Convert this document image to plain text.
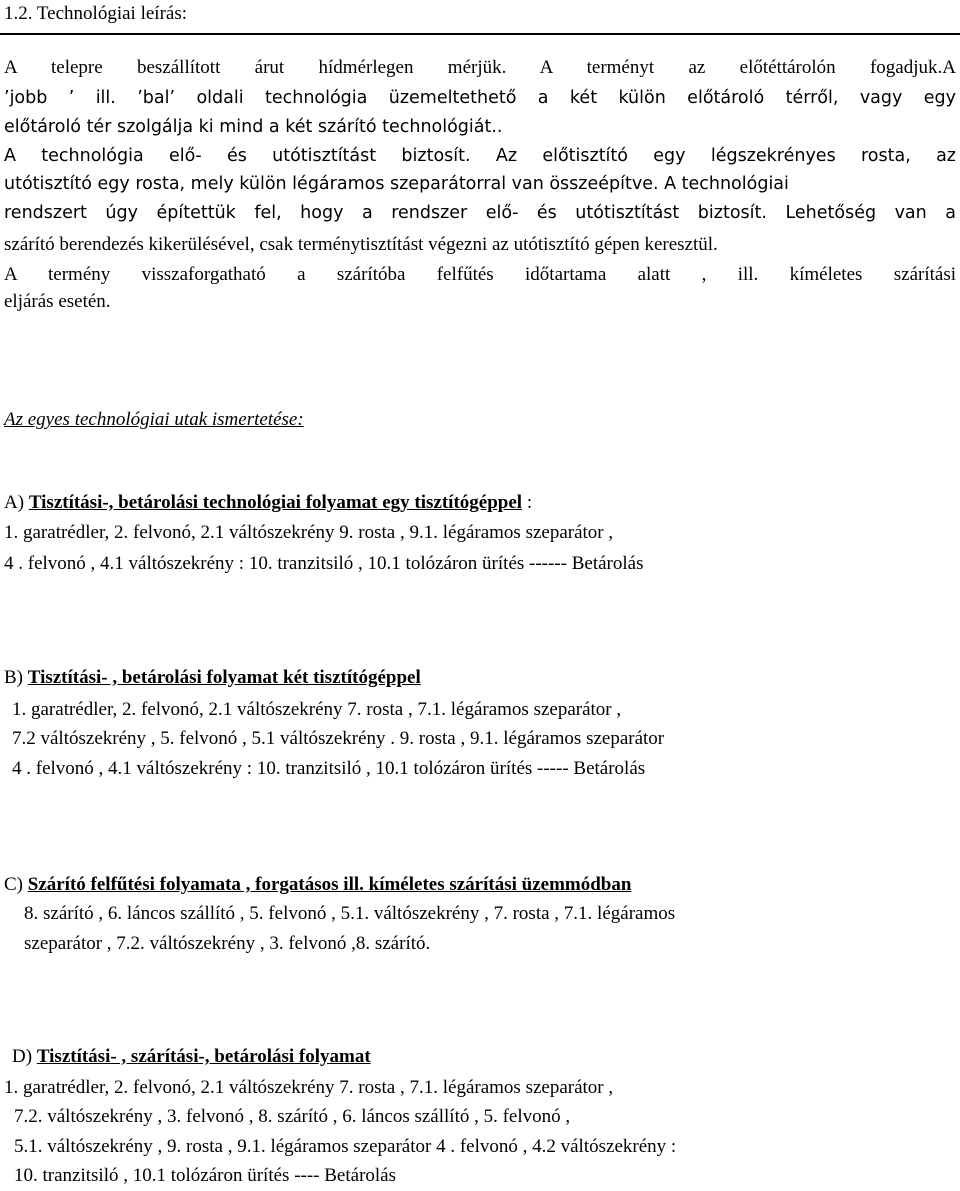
1.2. Technológiai leírás:
A telepre beszállított árut hídmérlegen mérjük. A terményt az előtéttárolón fogadjuk.A
’jobb ’ ill. ’bal’ oldali technológia üzemeltethető a két külön előtároló térről, vagy egy
előtároló tér szolgálja ki mind a két szárító technológiát..
A technológia elő- és utótisztítást biztosít. Az előtisztító egy légszekrényes rosta, az
utótisztító egy rosta, mely külön légáramos szeparátorral van összeépítve. A technológiai
rendszert úgy építettük fel, hogy a rendszer elő- és utótisztítást biztosít. Lehetőség van a
szárító berendezés kikerülésével, csak terménytisztítást végezni az utótisztító gépen keresztül.
A termény visszaforgatható a szárítóba felfűtés időtartama alatt , ill. kíméletes szárítási
eljárás esetén.
Az egyes technológiai utak ismertetése:
A) Tisztítási-, betárolási technológiai folyamat egy tisztítógéppel :
1. garatrédler, 2. felvonó, 2.1 váltószekrény 9. rosta , 9.1. légáramos szeparátor ,
4 . felvonó , 4.1 váltószekrény : 10. tranzitsiló , 10.1 tolózáron ürítés ------ Betárolás
B) Tisztítási- , betárolási folyamat két tisztítógéppel
1. garatrédler, 2. felvonó, 2.1 váltószekrény 7. rosta , 7.1. légáramos szeparátor ,
7.2 váltószekrény , 5. felvonó , 5.1 váltószekrény . 9. rosta , 9.1. légáramos szeparátor
4 . felvonó , 4.1 váltószekrény : 10. tranzitsiló , 10.1 tolózáron ürítés ----- Betárolás
C) Szárító felfűtési folyamata , forgatásos ill. kíméletes szárítási üzemmódban
8. szárító , 6. láncos szállító , 5. felvonó , 5.1. váltószekrény , 7. rosta , 7.1. légáramos
szeparátor , 7.2. váltószekrény , 3. felvonó ,8. szárító.
D) Tisztítási- , szárítási-, betárolási folyamat
1. garatrédler, 2. felvonó, 2.1 váltószekrény 7. rosta , 7.1. légáramos szeparátor ,
7.2. váltószekrény , 3. felvonó , 8. szárító , 6. láncos szállító , 5. felvonó ,
5.1. váltószekrény , 9. rosta , 9.1. légáramos szeparátor 4 . felvonó , 4.2 váltószekrény :
10. tranzitsiló , 10.1 tolózáron ürítés ---- Betárolás
